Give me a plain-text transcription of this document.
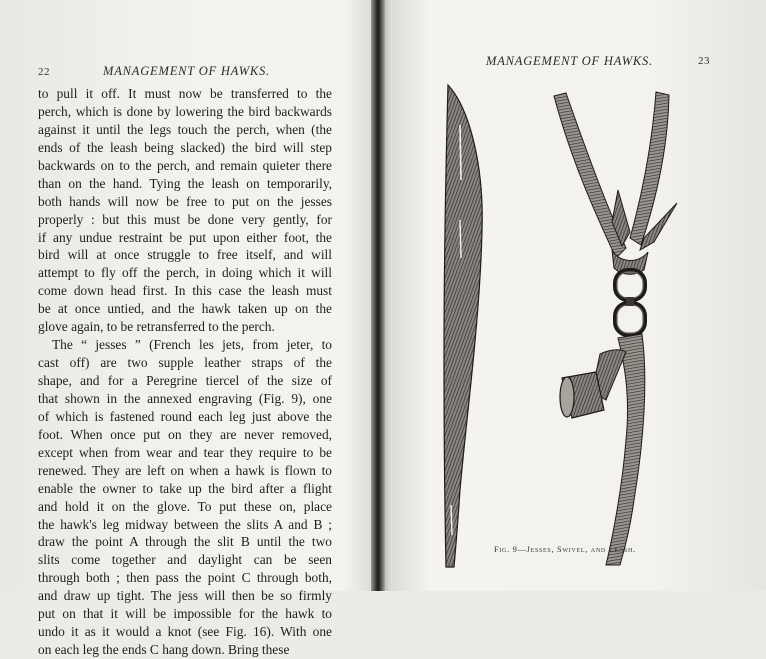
22	MANAGEMENT OF HAWKS.
to pull it off. It must now be transferred to the
perch, which is done by lowering the bird backwards
against it until the legs touch the perch, when (the
ends of the leash being slacked) the bird will step
backwards on to the perch, and remain quieter there
than on the hand. Tying the leash on temporarily,
both hands will now be free to put on the jesses
properly : but this must be done very gently, for
if any undue restraint be put upon either foot, the
bird will at once struggle to free itself, and will
attempt to fly off the perch, in doing which it will
come down head first. In this case the leash must
be at once untied, and the hawk taken up on the
glove again, to be retransferred to the perch.
The “ jesses ” (French les jets, from jeter, to
cast off) are two supple leather straps of the
shape, and for a Peregrine tiercel of the size of
that shown in the annexed engraving (Fig. 9), one
of which is fastened round each leg just above the
foot. When once put on they are never removed,
except when from wear and tear they require to be
renewed. They are left on when a hawk is flown to
enable the owner to take up the bird after a flight
and hold it on the glove. To put these on, place
the hawk's leg midway between the slits A and B ;
draw the point A through the slit B until the two
slits come together and daylight can be seen
through both ; then pass the point C through both,
and draw up tight. The jess will then be so firmly
put on that it will be impossible for the hawk to
undo it as it would a knot (see Fig. 16). With one
on each leg the ends C hang down. Bring these
MANAGEMENT OF HAWKS.	23
Fig. 9—Jesses, Swivel, and Leash.
